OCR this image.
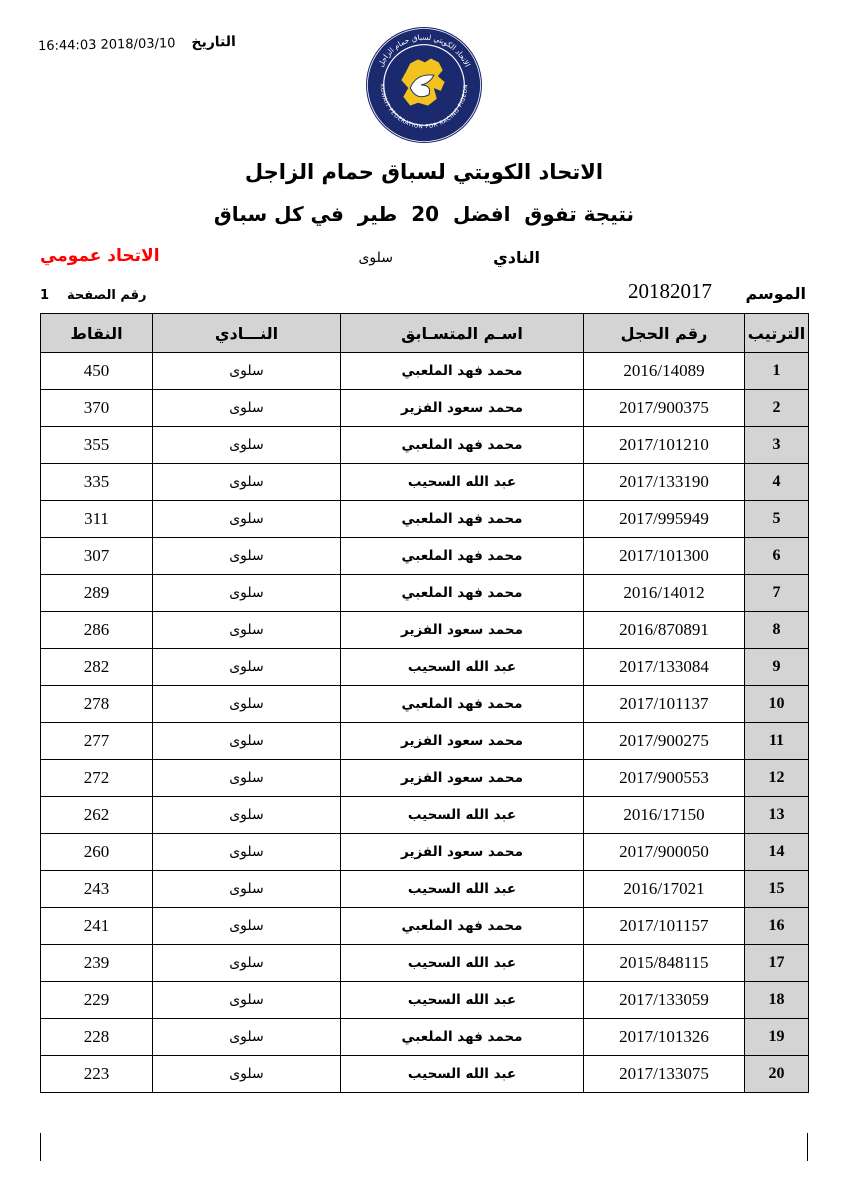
16:44:03 2018/03/10 التاريخ
الاتحاد الكويتي لسباق حمام الزاجل
KUWAIT FEDERATION FOR RACING PIGEON
الاتحاد الكويتي لسباق حمام الزاجل
نتيجة تفوق  افضل  20  طير  في كل سباق
الاتحاد عمومي	النادي
سلوى
الموسم
20182017
رقم الصفحة
1
الترتيب	رقم الحجل	اسـم المتسـابق	النـــادي	النقاط
1	2016/14089	محمد فهد الملعبي	سلوى	450
2	2017/900375	محمد سعود الفزير	سلوى	370
3	2017/101210	محمد فهد الملعبي	سلوى	355
4	2017/133190	عبد الله السحيب	سلوى	335
5	2017/995949	محمد فهد الملعبي	سلوى	311
6	2017/101300	محمد فهد الملعبي	سلوى	307
7	2016/14012	محمد فهد الملعبي	سلوى	289
8	2016/870891	محمد سعود الفزير	سلوى	286
9	2017/133084	عبد الله السحيب	سلوى	282
10	2017/101137	محمد فهد الملعبي	سلوى	278
11	2017/900275	محمد سعود الفزير	سلوى	277
12	2017/900553	محمد سعود الفزير	سلوى	272
13	2016/17150	عبد الله السحيب	سلوى	262
14	2017/900050	محمد سعود الفزير	سلوى	260
15	2016/17021	عبد الله السحيب	سلوى	243
16	2017/101157	محمد فهد الملعبي	سلوى	241
17	2015/848115	عبد الله السحيب	سلوى	239
18	2017/133059	عبد الله السحيب	سلوى	229
19	2017/101326	محمد فهد الملعبي	سلوى	228
20	2017/133075	عبد الله السحيب	سلوى	223
